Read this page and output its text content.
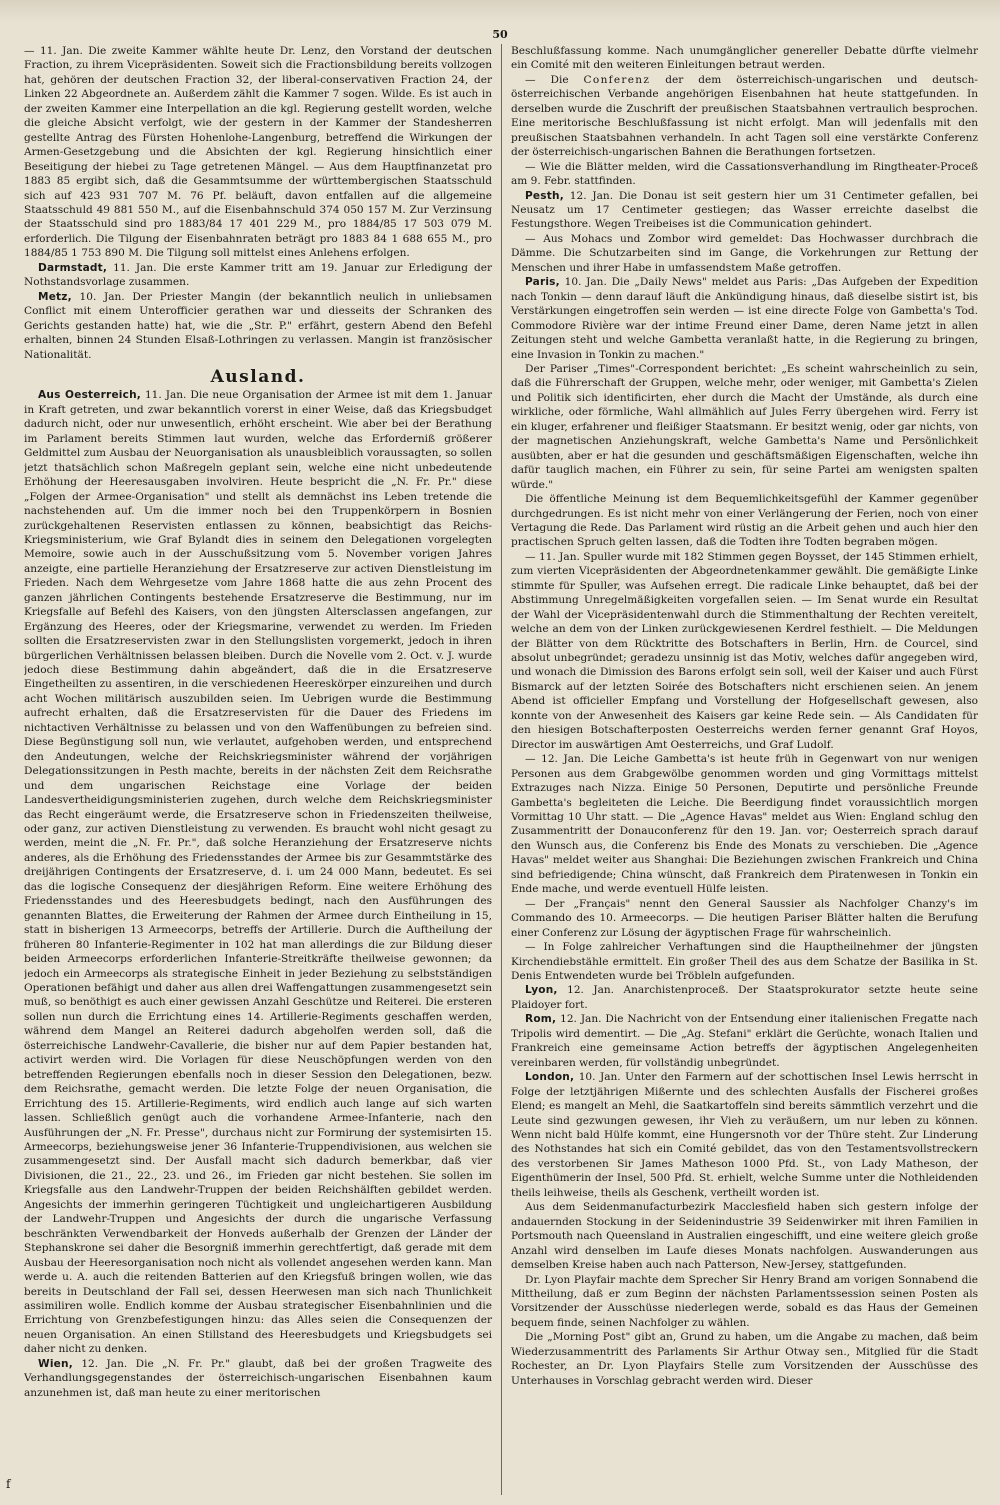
50

— 11. Jan. Die zweite Kammer wählte heute Dr. Lenz, den Vorstand der deutschen Fraction, zu ihrem Vicepräsidenten. Soweit sich die Fractionsbildung bereits vollzogen hat, gehören der deutschen Fraction 32, der liberal-conservativen Fraction 24, der Linken 22 Abgeordnete an. Außerdem zählt die Kammer 7 sogen. Wilde. Es ist auch in der zweiten Kammer eine Interpellation an die kgl. Regierung gestellt worden, welche die gleiche Absicht verfolgt, wie der gestern in der Kammer der Standesherren gestellte Antrag des Fürsten Hohenlohe-Langenburg, betreffend die Wirkungen der Armen-Gesetzgebung und die Absichten der kgl. Regierung hinsichtlich einer Beseitigung der hiebei zu Tage getretenen Mängel. — Aus dem Hauptfinanzetat pro 1883 85 ergibt sich, daß die Gesammtsumme der württembergischen Staatsschuld sich auf 423 931 707 M. 76 Pf. beläuft, davon entfallen auf die allgemeine Staatsschuld 49 881 550 M., auf die Eisenbahnschuld 374 050 157 M. Zur Verzinsung der Staatsschuld sind pro 1883/84 17 401 229 M., pro 1884/85 17 503 079 M. erforderlich. Die Tilgung der Eisenbahnraten beträgt pro 1883 84 1 688 655 M., pro 1884/85 1 753 890 M. Die Tilgung soll mittelst eines Anlehens erfolgen.

Darmstadt, 11. Jan. Die erste Kammer tritt am 19. Januar zur Erledigung der Nothstandsvorlage zusammen.

Metz, 10. Jan. Der Priester Mangin (der bekanntlich neulich in unliebsamen Conflict mit einem Unterofficier gerathen war und diesseits der Schranken des Gerichts gestanden hatte) hat, wie die „Str. P." erfährt, gestern Abend den Befehl erhalten, binnen 24 Stunden Elsaß-Lothringen zu verlassen. Mangin ist französischer Nationalität.

Ausland.

Aus Oesterreich, 11. Jan. Die neue Organisation der Armee ist mit dem 1. Januar in Kraft getreten, und zwar bekanntlich vorerst in einer Weise, daß das Kriegsbudget dadurch nicht, oder nur unwesentlich, erhöht erscheint. Wie aber bei der Berathung im Parlament bereits Stimmen laut wurden, welche das Erforderniß größerer Geldmittel zum Ausbau der Neuorganisation als unausbleiblich voraussagten, so sollen jetzt thatsächlich schon Maßregeln geplant sein, welche eine nicht unbedeutende Erhöhung der Heeresausgaben involviren. Heute bespricht die „N. Fr. Pr." diese „Folgen der Armee-Organisation" und stellt als demnächst ins Leben tretende die nachstehenden auf. Um die immer noch bei den Truppenkörpern in Bosnien zurückgehaltenen Reservisten entlassen zu können, beabsichtigt das Reichs-Kriegsministerium, wie Graf Bylandt dies in seinem den Delegationen vorgelegten Memoire, sowie auch in der Ausschußsitzung vom 5. November vorigen Jahres anzeigte, eine partielle Heranziehung der Ersatzreserve zur activen Dienstleistung im Frieden. Nach dem Wehrgesetze vom Jahre 1868 hatte die aus zehn Procent des ganzen jährlichen Contingents bestehende Ersatzreserve die Bestimmung, nur im Kriegsfalle auf Befehl des Kaisers, von den jüngsten Altersclassen angefangen, zur Ergänzung des Heeres, oder der Kriegsmarine, verwendet zu werden. Im Frieden sollten die Ersatzreservisten zwar in den Stellungslisten vorgemerkt, jedoch in ihren bürgerlichen Verhältnissen belassen bleiben. Durch die Novelle vom 2. Oct. v. J. wurde jedoch diese Bestimmung dahin abgeändert, daß die in die Ersatzreserve Eingetheilten zu assentiren, in die verschiedenen Heereskörper einzureihen und durch acht Wochen militärisch auszubilden seien. Im Uebrigen wurde die Bestimmung aufrecht erhalten, daß die Ersatzreservisten für die Dauer des Friedens im nichtactiven Verhältnisse zu belassen und von den Waffenübungen zu befreien sind. Diese Begünstigung soll nun, wie verlautet, aufgehoben werden, und entsprechend den Andeutungen, welche der Reichskriegsminister während der vorjährigen Delegationssitzungen in Pesth machte, bereits in der nächsten Zeit dem Reichsrathe und dem ungarischen Reichstage eine Vorlage der beiden Landesvertheidigungsministerien zugehen, durch welche dem Reichskriegsminister das Recht eingeräumt werde, die Ersatzreserve schon in Friedenszeiten theilweise, oder ganz, zur activen Dienstleistung zu verwenden. Es braucht wohl nicht gesagt zu werden, meint die „N. Fr. Pr.", daß solche Heranziehung der Ersatzreserve nichts anderes, als die Erhöhung des Friedensstandes der Armee bis zur Gesammtstärke des dreijährigen Contingents der Ersatzreserve, d. i. um 24 000 Mann, bedeutet. Es sei das die logische Consequenz der diesjährigen Reform. Eine weitere Erhöhung des Friedensstandes und des Heeresbudgets bedingt, nach den Ausführungen des genannten Blattes, die Erweiterung der Rahmen der Armee durch Eintheilung in 15, statt in bisherigen 13 Armeecorps, betreffs der Artillerie. Durch die Auftheilung der früheren 80 Infanterie-Regimenter in 102 hat man allerdings die zur Bildung dieser beiden Armeecorps erforderlichen Infanterie-Streitkräfte theilweise gewonnen; da jedoch ein Armeecorps als strategische Einheit in jeder Beziehung zu selbstständigen Operationen befähigt und daher aus allen drei Waffengattungen zusammengesetzt sein muß, so benöthigt es auch einer gewissen Anzahl Geschütze und Reiterei. Die ersteren sollen nun durch die Errichtung eines 14. Artillerie-Regiments geschaffen werden, während dem Mangel an Reiterei dadurch abgeholfen werden soll, daß die österreichische Landwehr-Cavallerie, die bisher nur auf dem Papier bestanden hat, activirt werden wird. Die Vorlagen für diese Neuschöpfungen werden von den betreffenden Regierungen ebenfalls noch in dieser Session den Delegationen, bezw. dem Reichsrathe, gemacht werden. Die letzte Folge der neuen Organisation, die Errichtung des 15. Artillerie-Regiments, wird endlich auch lange auf sich warten lassen. Schließlich genügt auch die vorhandene Armee-Infanterie, nach den Ausführungen der „N. Fr. Presse", durchaus nicht zur Formirung der systemisirten 15. Armeecorps, beziehungsweise jener 36 Infanterie-Truppendivisionen, aus welchen sie zusammengesetzt sind. Der Ausfall macht sich dadurch bemerkbar, daß vier Divisionen, die 21., 22., 23. und 26., im Frieden gar nicht bestehen. Sie sollen im Kriegsfalle aus den Landwehr-Truppen der beiden Reichshälften gebildet werden. Angesichts der immerhin geringeren Tüchtigkeit und ungleichartigeren Ausbildung der Landwehr-Truppen und Angesichts der durch die ungarische Verfassung beschränkten Verwendbarkeit der Honveds außerhalb der Grenzen der Länder der Stephanskrone sei daher die Besorgniß immerhin gerechtfertigt, daß gerade mit dem Ausbau der Heeresorganisation noch nicht als vollendet angesehen werden kann. Man werde u. A. auch die reitenden Batterien auf den Kriegsfuß bringen wollen, wie das bereits in Deutschland der Fall sei, dessen Heerwesen man sich nach Thunlichkeit assimiliren wolle. Endlich komme der Ausbau strategischer Eisenbahnlinien und die Errichtung von Grenzbefestigungen hinzu: das Alles seien die Consequenzen der neuen Organisation. An einen Stillstand des Heeresbudgets und Kriegsbudgets sei daher nicht zu denken.

Wien, 12. Jan. Die „N. Fr. Pr." glaubt, daß bei der großen Tragweite des Verhandlungsgegenstandes der österreichisch-ungarischen Eisenbahnen kaum anzunehmen ist, daß man heute zu einer meritorischen

Beschlußfassung komme. Nach unumgänglicher genereller Debatte dürfte vielmehr ein Comité mit den weiteren Einleitungen betraut werden.

— Die Conferenz der dem österreichisch-ungarischen und deutsch-österreichischen Verbande angehörigen Eisenbahnen hat heute stattgefunden. In derselben wurde die Zuschrift der preußischen Staatsbahnen vertraulich besprochen. Eine meritorische Beschlußfassung ist nicht erfolgt. Man will jedenfalls mit den preußischen Staatsbahnen verhandeln. In acht Tagen soll eine verstärkte Conferenz der österreichisch-ungarischen Bahnen die Berathungen fortsetzen.

— Wie die Blätter melden, wird die Cassationsverhandlung im Ringtheater-Proceß am 9. Febr. stattfinden.

Pesth, 12. Jan. Die Donau ist seit gestern hier um 31 Centimeter gefallen, bei Neusatz um 17 Centimeter gestiegen; das Wasser erreichte daselbst die Festungsthore. Wegen Treibeises ist die Communication gehindert.

— Aus Mohacs und Zombor wird gemeldet: Das Hochwasser durchbrach die Dämme. Die Schutzarbeiten sind im Gange, die Vorkehrungen zur Rettung der Menschen und ihrer Habe in umfassendstem Maße getroffen.

Paris, 10. Jan. Die „Daily News" meldet aus Paris: „Das Aufgeben der Expedition nach Tonkin — denn darauf läuft die Ankündigung hinaus, daß dieselbe sistirt ist, bis Verstärkungen eingetroffen sein werden — ist eine directe Folge von Gambetta's Tod. Commodore Rivière war der intime Freund einer Dame, deren Name jetzt in allen Zeitungen steht und welche Gambetta veranlaßt hatte, in die Regierung zu bringen, eine Invasion in Tonkin zu machen."

Der Pariser „Times"-Correspondent berichtet: „Es scheint wahrscheinlich zu sein, daß die Führerschaft der Gruppen, welche mehr, oder weniger, mit Gambetta's Zielen und Politik sich identificirten, eher durch die Macht der Umstände, als durch eine wirkliche, oder förmliche, Wahl allmählich auf Jules Ferry übergehen wird. Ferry ist ein kluger, erfahrener und fleißiger Staatsmann. Er besitzt wenig, oder gar nichts, von der magnetischen Anziehungskraft, welche Gambetta's Name und Persönlichkeit ausübten, aber er hat die gesunden und geschäftsmäßigen Eigenschaften, welche ihn dafür tauglich machen, ein Führer zu sein, für seine Partei am wenigsten spalten würde."

Die öffentliche Meinung ist dem Bequemlichkeitsgefühl der Kammer gegenüber durchgedrungen. Es ist nicht mehr von einer Verlängerung der Ferien, noch von einer Vertagung die Rede. Das Parlament wird rüstig an die Arbeit gehen und auch hier den practischen Spruch gelten lassen, daß die Todten ihre Todten begraben mögen.

— 11. Jan. Spuller wurde mit 182 Stimmen gegen Boysset, der 145 Stimmen erhielt, zum vierten Vicepräsidenten der Abgeordnetenkammer gewählt. Die gemäßigte Linke stimmte für Spuller, was Aufsehen erregt. Die radicale Linke behauptet, daß bei der Abstimmung Unregelmäßigkeiten vorgefallen seien. — Im Senat wurde ein Resultat der Wahl der Vicepräsidentenwahl durch die Stimmenthaltung der Rechten vereitelt, welche an dem von der Linken zurückgewiesenen Kerdrel festhielt. — Die Meldungen der Blätter von dem Rücktritte des Botschafters in Berlin, Hrn. de Courcel, sind absolut unbegründet; geradezu unsinnig ist das Motiv, welches dafür angegeben wird, und wonach die Dimission des Barons erfolgt sein soll, weil der Kaiser und auch Fürst Bismarck auf der letzten Soirée des Botschafters nicht erschienen seien. An jenem Abend ist officieller Empfang und Vorstellung der Hofgesellschaft gewesen, also konnte von der Anwesenheit des Kaisers gar keine Rede sein. — Als Candidaten für den hiesigen Botschafterposten Oesterreichs werden ferner genannt Graf Hoyos, Director im auswärtigen Amt Oesterreichs, und Graf Ludolf.

— 12. Jan. Die Leiche Gambetta's ist heute früh in Gegenwart von nur wenigen Personen aus dem Grabgewölbe genommen worden und ging Vormittags mittelst Extrazuges nach Nizza. Einige 50 Personen, Deputirte und persönliche Freunde Gambetta's begleiteten die Leiche. Die Beerdigung findet voraussichtlich morgen Vormittag 10 Uhr statt. — Die „Agence Havas" meldet aus Wien: England schlug den Zusammentritt der Donauconferenz für den 19. Jan. vor; Oesterreich sprach darauf den Wunsch aus, die Conferenz bis Ende des Monats zu verschieben. Die „Agence Havas" meldet weiter aus Shanghai: Die Beziehungen zwischen Frankreich und China sind befriedigende; China wünscht, daß Frankreich dem Piratenwesen in Tonkin ein Ende mache, und werde eventuell Hülfe leisten.

— Der „Français" nennt den General Saussier als Nachfolger Chanzy's im Commando des 10. Armeecorps. — Die heutigen Pariser Blätter halten die Berufung einer Conferenz zur Lösung der ägyptischen Frage für wahrscheinlich.

— In Folge zahlreicher Verhaftungen sind die Hauptheilnehmer der jüngsten Kirchendiebstähle ermittelt. Ein großer Theil des aus dem Schatze der Basilika in St. Denis Entwendeten wurde bei Tröbleln aufgefunden.

Lyon, 12. Jan. Anarchistenproceß. Der Staatsprokurator setzte heute seine Plaidoyer fort.

Rom, 12. Jan. Die Nachricht von der Entsendung einer italienischen Fregatte nach Tripolis wird dementirt. — Die „Ag. Stefani" erklärt die Gerüchte, wonach Italien und Frankreich eine gemeinsame Action betreffs der ägyptischen Angelegenheiten vereinbaren werden, für vollständig unbegründet.

London, 10. Jan. Unter den Farmern auf der schottischen Insel Lewis herrscht in Folge der letztjährigen Mißernte und des schlechten Ausfalls der Fischerei großes Elend; es mangelt an Mehl, die Saatkartoffeln sind bereits sämmtlich verzehrt und die Leute sind gezwungen gewesen, ihr Vieh zu veräußern, um nur leben zu können. Wenn nicht bald Hülfe kommt, eine Hungersnoth vor der Thüre steht. Zur Linderung des Nothstandes hat sich ein Comité gebildet, das von den Testamentsvollstreckern des verstorbenen Sir James Matheson 1000 Pfd. St., von Lady Matheson, der Eigenthümerin der Insel, 500 Pfd. St. erhielt, welche Summe unter die Nothleidenden theils leihweise, theils als Geschenk, vertheilt worden ist.

Aus dem Seidenmanufacturbezirk Macclesfield haben sich gestern infolge der andauernden Stockung in der Seidenindustrie 39 Seidenwirker mit ihren Familien in Portsmouth nach Queensland in Australien eingeschifft, und eine weitere gleich große Anzahl wird denselben im Laufe dieses Monats nachfolgen. Auswanderungen aus demselben Kreise haben auch nach Patterson, New-Jersey, stattgefunden.

Dr. Lyon Playfair machte dem Sprecher Sir Henry Brand am vorigen Sonnabend die Mittheilung, daß er zum Beginn der nächsten Parlamentssession seinen Posten als Vorsitzender der Ausschüsse niederlegen werde, sobald es das Haus der Gemeinen bequem finde, seinen Nachfolger zu wählen.

Die „Morning Post" gibt an, Grund zu haben, um die Angabe zu machen, daß beim Wiederzusammentritt des Parlaments Sir Arthur Otway sen., Mitglied für die Stadt Rochester, an Dr. Lyon Playfairs Stelle zum Vorsitzenden der Ausschüsse des Unterhauses in Vorschlag gebracht werden wird. Dieser

f
